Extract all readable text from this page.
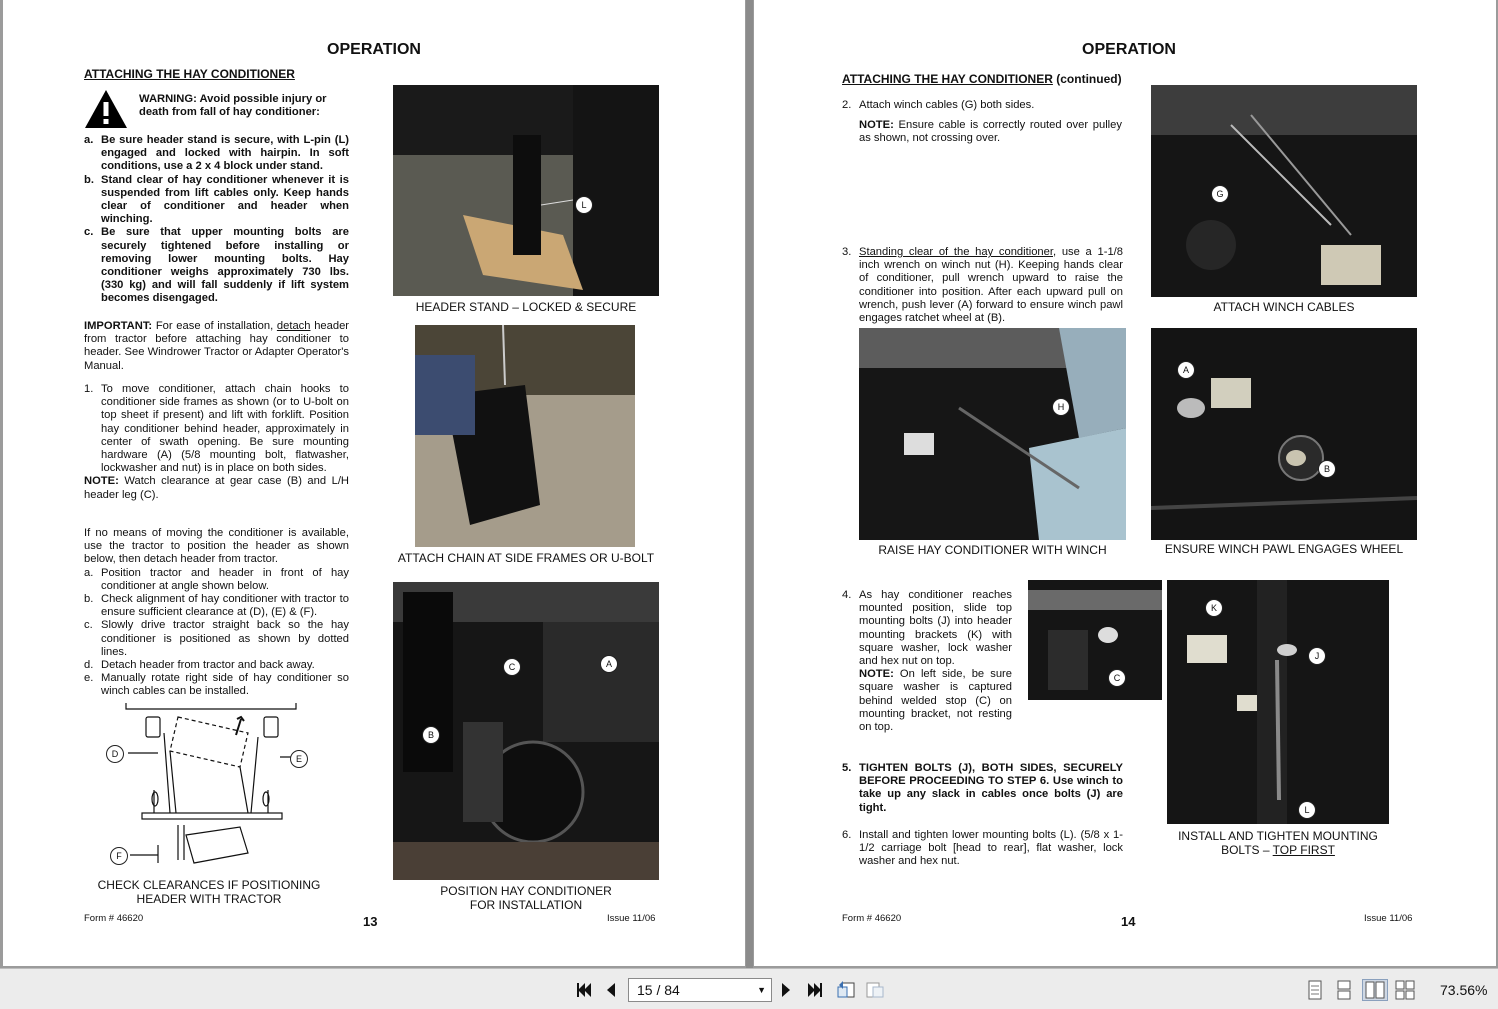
OPERATION
ATTACHING THE HAY CONDITIONER
WARNING: Avoid possible injury or death from fall of hay conditioner:
a. Be sure header stand is secure, with L-pin (L) engaged and locked with hairpin. In soft conditions, use a 2 x 4 block under stand.
b. Stand clear of hay conditioner whenever it is suspended from lift cables only. Keep hands clear of conditioner and header when winching.
c. Be sure that upper mounting bolts are securely tightened before installing or removing lower mounting bolts. Hay conditioner weighs approximately 730 lbs. (330 kg) and will fall suddenly if lift system becomes disengaged.
IMPORTANT: For ease of installation, detach header from tractor before attaching hay conditioner to header. See Windrower Tractor or Adapter Operator's Manual.
1. To move conditioner, attach chain hooks to conditioner side frames as shown (or to U-bolt on top sheet if present) and lift with forklift. Position hay conditioner behind header, approximately in center of swath opening. Be sure mounting hardware (A) (5/8 mounting bolt, flatwasher, lockwasher and nut) is in place on both sides.
NOTE: Watch clearance at gear case (B) and L/H header leg (C).
If no means of moving the conditioner is available, use the tractor to position the header as shown below, then detach header from tractor.
a. Position tractor and header in front of hay conditioner at angle shown below.
b. Check alignment of hay conditioner with tractor to ensure sufficient clearance at (D), (E) & (F).
c. Slowly drive tractor straight back so the hay conditioner is positioned as shown by dotted lines.
d. Detach header from tractor and back away.
e. Manually rotate right side of hay conditioner so winch cables can be installed.
D	E
F
CHECK CLEARANCES IF POSITIONING
HEADER WITH TRACTOR
L
HEADER STAND – LOCKED & SECURE
ATTACH CHAIN AT SIDE FRAMES OR U-BOLT
C	A
B
POSITION HAY CONDITIONER
FOR INSTALLATION
Form # 46620	13	Issue 11/06
OPERATION
ATTACHING THE HAY CONDITIONER (continued)
2. Attach winch cables (G) both sides.
NOTE: Ensure cable is correctly routed over pulley as shown, not crossing over.
3. Standing clear of the hay conditioner, use a 1-1/8 inch wrench on winch nut (H). Keeping hands clear of conditioner, pull wrench upward to raise the conditioner into position. After each upward pull on wrench, push lever (A) forward to ensure winch pawl engages ratchet wheel at (B).
4. As hay conditioner reaches mounted position, slide top mounting bolts (J) into header mounting brackets (K) with square washer, lock washer and hex nut on top.
NOTE: On left side, be sure square washer is captured behind welded stop (C) on mounting bracket, not resting on top.
5. TIGHTEN BOLTS (J), BOTH SIDES, SECURELY BEFORE PROCEEDING TO STEP 6. Use winch to take up any slack in cables once bolts (J) are tight.
6. Install and tighten lower mounting bolts (L). (5/8 x 1-1/2 carriage bolt [head to rear], flat washer, lock washer and hex nut.
G
ATTACH WINCH CABLES
H
RAISE HAY CONDITIONER WITH WINCH
A
B
ENSURE WINCH PAWL ENGAGES WHEEL
C
K
J
L
INSTALL AND TIGHTEN MOUNTING
BOLTS – TOP FIRST
Form # 46620	14	Issue 11/06
15 / 84	▼	73.56%
